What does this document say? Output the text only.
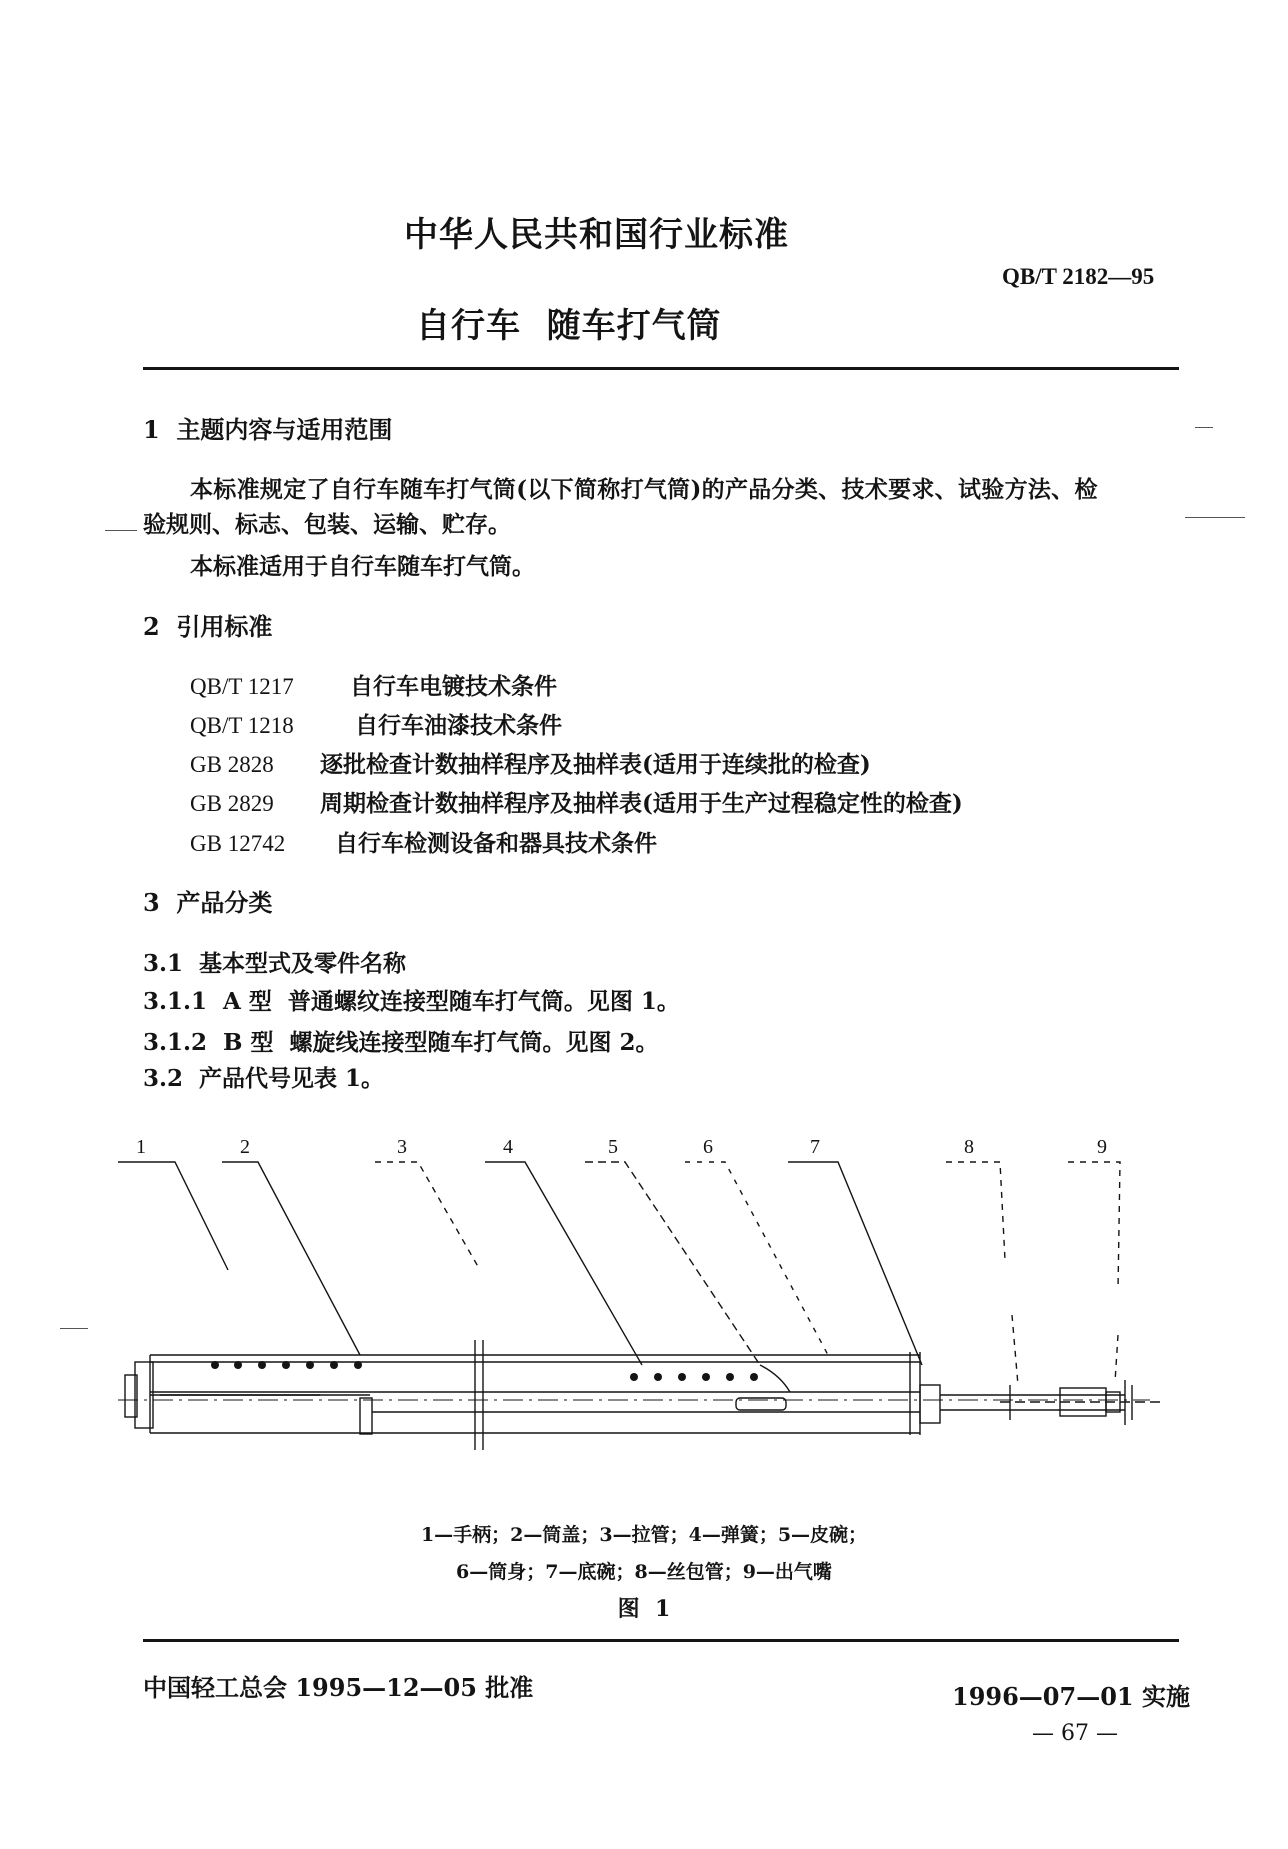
中华人民共和国行业标准
QB/T 2182—95
自行车  随车打气筒
1  主题内容与适用范围
本标准规定了自行车随车打气筒(以下简称打气筒)的产品分类、技术要求、试验方法、检
验规则、标志、包装、运输、贮存。
本标准适用于自行车随车打气筒。
2  引用标准
QB/T 1217 自行车电镀技术条件
QB/T 1218	自行车油漆技术条件
GB 2828 逐批检查计数抽样程序及抽样表(适用于连续批的检查)
GB 2829 周期检查计数抽样程序及抽样表(适用于生产过程稳定性的检查)
GB 12742 自行车检测设备和器具技术条件
3  产品分类
3.1  基本型式及零件名称
3.1.1  A 型  普通螺纹连接型随车打气筒。见图 1。
3.1.2  B 型  螺旋线连接型随车打气筒。见图 2。
3.2  产品代号见表 1。
1	2	3	4	5	6	7	8	9
1—手柄；2—筒盖；3—拉管；4—弹簧；5—皮碗；
6—筒身；7—底碗；8—丝包管；9—出气嘴
图  1
中国轻工总会 1995—12—05 批准	1996—07—01 实施
— 67 —
